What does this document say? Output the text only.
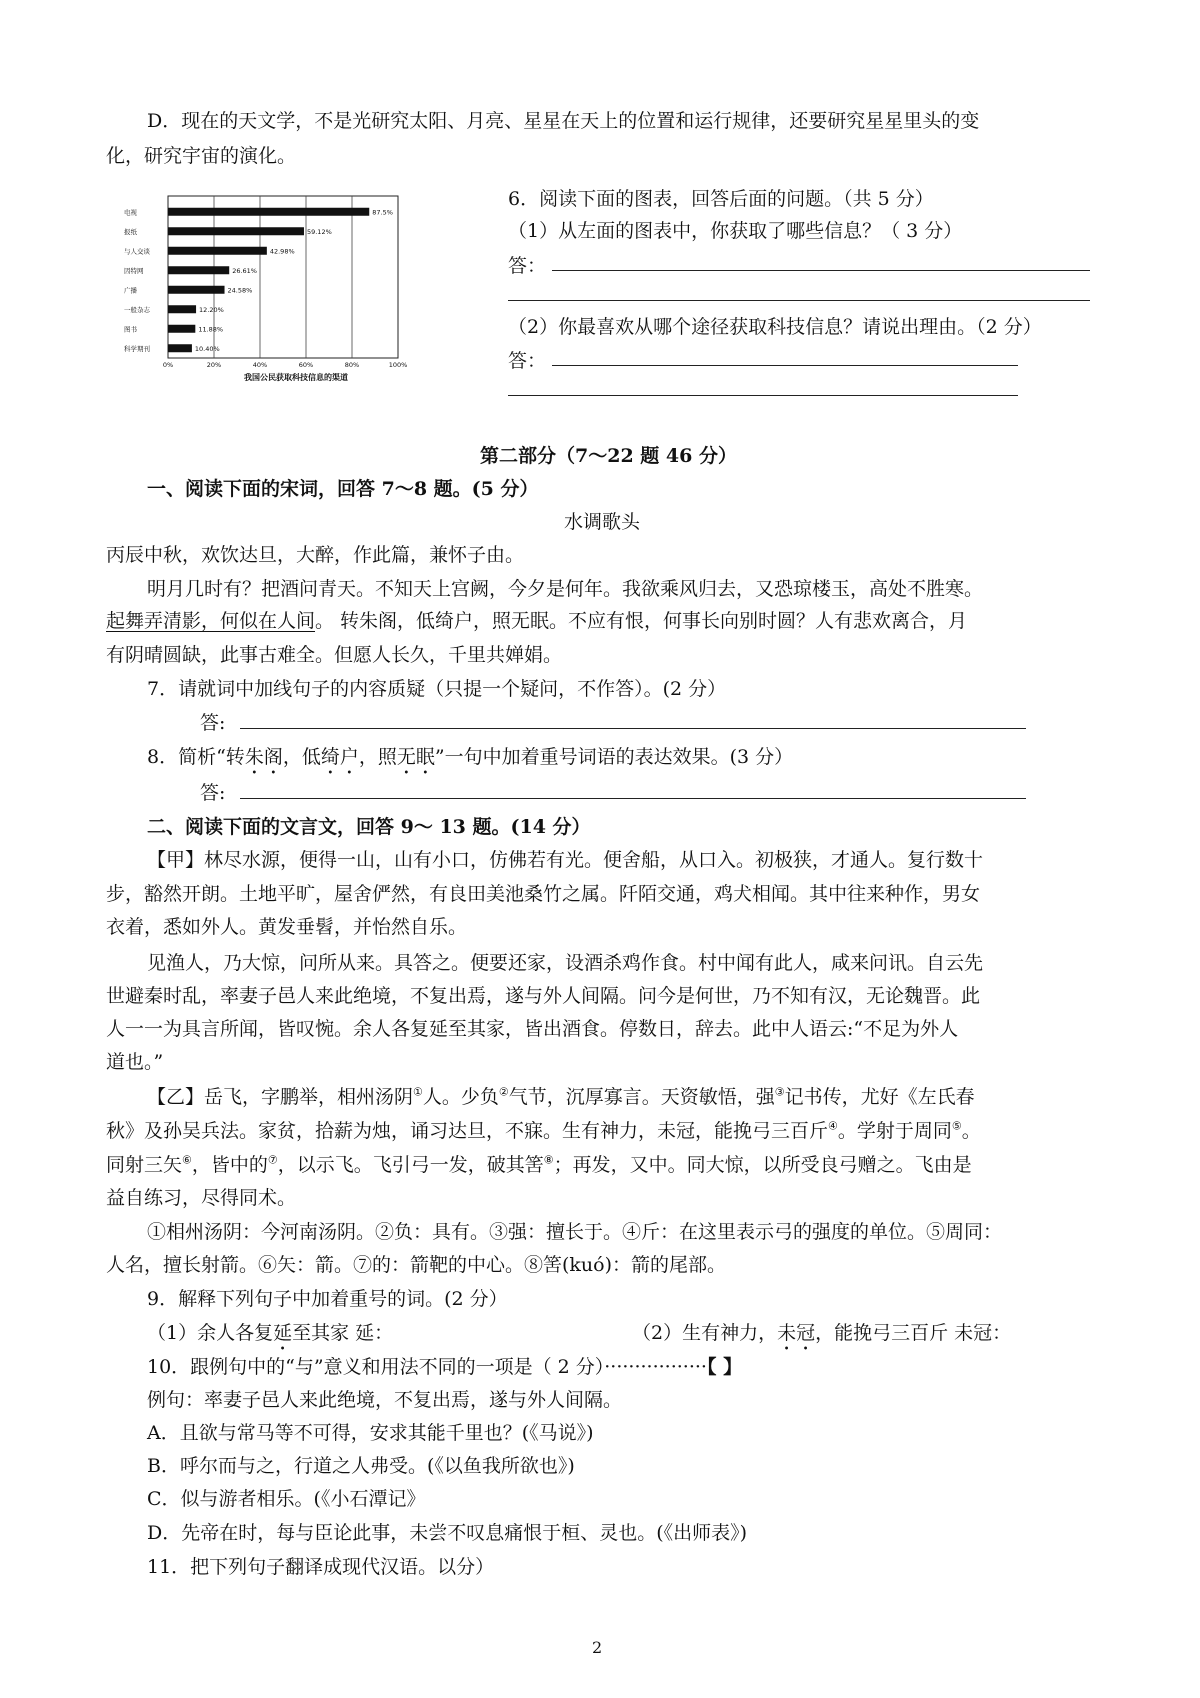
D．现在的天文学，不是光研究太阳、月亮、星星在天上的位置和运行规律，还要研究星星里头的变
化，研究宇宙的演化。
0%	20%	40%	60%	80%	100%
电视	87.5%
报纸	59.12%
与人交谈	42.98%
因特网	26.61%
广播	24.58%
一般杂志	12.20%
图书	11.88%
科学期刊	10.40%
我国公民获取科技信息的渠道
6．阅读下面的图表，回答后面的问题。（共 5 分）
（1）从左面的图表中，你获取了哪些信息？（ 3 分）
答：
（2）你最喜欢从哪个途径获取科技信息？请说出理由。（2 分）
答：
第二部分（7～22 题 46 分）
一、阅读下面的宋词，回答 7～8 题。(5 分）
水调歌头
丙辰中秋，欢饮达旦，大醉，作此篇，兼怀子由。
明月几时有？把酒问青天。不知天上宫阙，今夕是何年。我欲乘风归去，又恐琼楼玉，高处不胜寒。
起舞弄清影，何似在人间。 转朱阁，低绮户，照无眠。不应有恨，何事长向别时圆？人有悲欢离合，月
有阴晴圆缺，此事古难全。但愿人长久，千里共婵娟。
7．请就词中加线句子的内容质疑（只提一个疑问，不作答）。(2 分）
答:
8．简析“转朱阁，低绮户，照无眠”一句中加着重号词语的表达效果。(3 分）
答:
二、阅读下面的文言文，回答 9～ 13 题。(14 分）
【甲】林尽水源，便得一山，山有小口，仿佛若有光。便舍船，从口入。初极狭，才通人。复行数十
步，豁然开朗。土地平旷，屋舍俨然，有良田美池桑竹之属。阡陌交通，鸡犬相闻。其中往来种作，男女
衣着，悉如外人。黄发垂髫，并怡然自乐。
见渔人，乃大惊，问所从来。具答之。便要还家，设酒杀鸡作食。村中闻有此人，咸来问讯。自云先
世避秦时乱，率妻子邑人来此绝境，不复出焉，遂与外人间隔。问今是何世，乃不知有汉，无论魏晋。此
人一一为具言所闻，皆叹惋。余人各复延至其家，皆出酒食。停数日，辞去。此中人语云:“不足为外人
道也。”
【乙】岳飞，字鹏举，相州汤阴①人。少负②气节，沉厚寡言。天资敏悟，强③记书传，尤好《左氏春
秋》及孙吴兵法。家贫，拾薪为烛，诵习达旦，不寐。生有神力，未冠，能挽弓三百斤④。学射于周同⑤。
同射三矢⑥，皆中的⑦，以示飞。飞引弓一发，破其筈⑧；再发，又中。同大惊，以所受良弓赠之。飞由是
益自练习，尽得同术。
①相州汤阴：今河南汤阴。②负：具有。③强：擅长于。④斤：在这里表示弓的强度的单位。⑤周同：
人名，擅长射箭。⑥矢：箭。⑦的：箭靶的中心。⑧筈(kuó)：箭的尾部。
9．解释下列句子中加着重号的词。(2 分）
（1）余人各复延至其家 延：	（2）生有神力，未冠，能挽弓三百斤 未冠：
10．跟例句中的“与”意义和用法不同的一项是（ 2 分）·················【 】
例句：率妻子邑人来此绝境，不复出焉，遂与外人间隔。
A．且欲与常马等不可得，安求其能千里也？(《马说》)
B．呼尔而与之，行道之人弗受。(《以鱼我所欲也》)
C．似与游者相乐。(《小石潭记》
D．先帝在时，每与臣论此事，未尝不叹息痛恨于桓、灵也。(《出师表》)
11．把下列句子翻译成现代汉语。以分）
2
